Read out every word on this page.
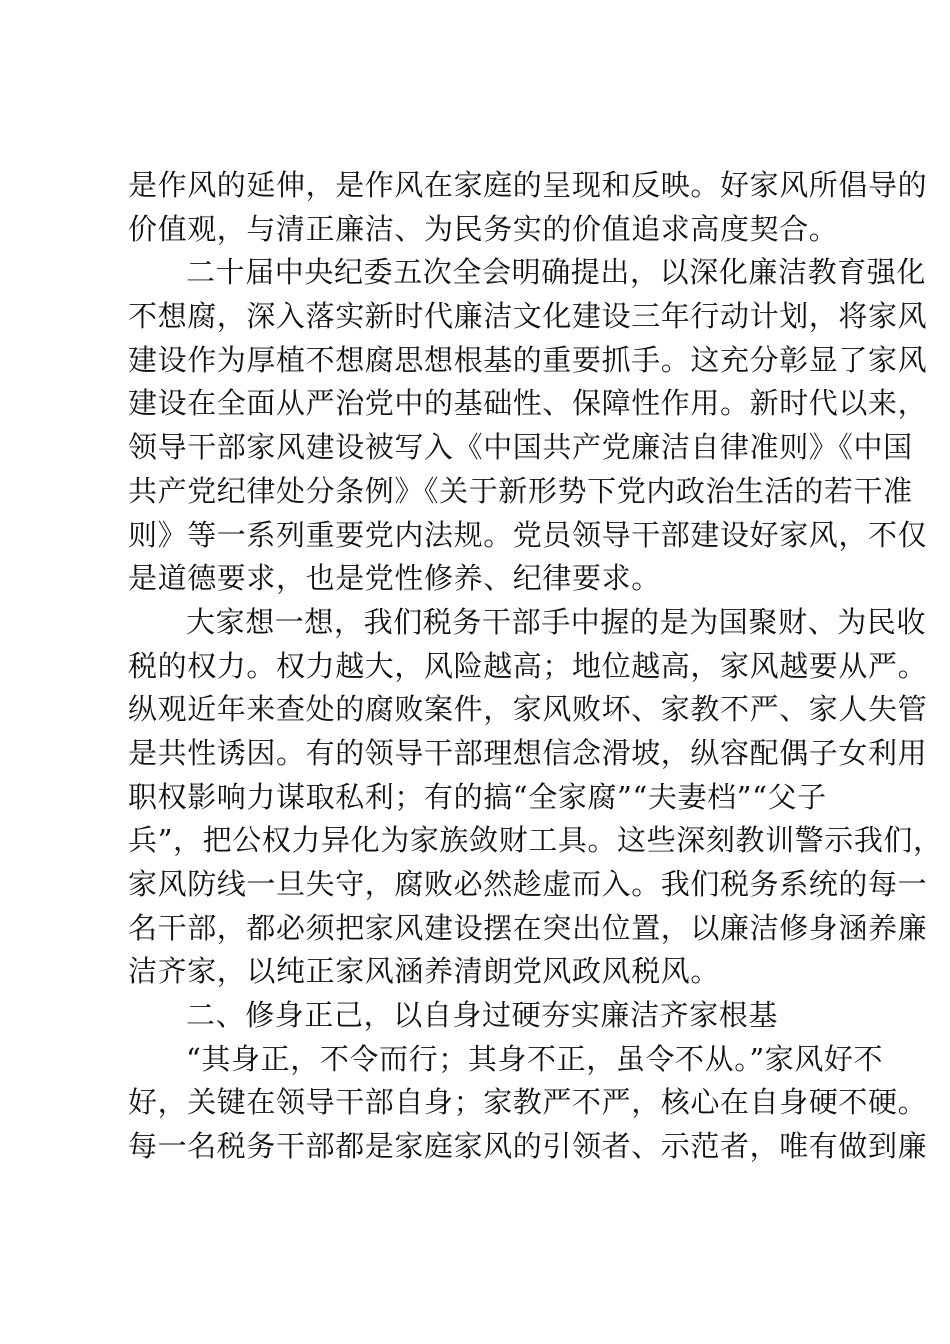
是作风的延伸，是作风在家庭的呈现和反映。好家风所倡导的
价值观，与清正廉洁、为民务实的价值追求高度契合。
二十届中央纪委五次全会明确提出，以深化廉洁教育强化
不想腐，深入落实新时代廉洁文化建设三年行动计划，将家风
建设作为厚植不想腐思想根基的重要抓手。这充分彰显了家风
建设在全面从严治党中的基础性、保障性作用。新时代以来，
领导干部家风建设被写入《中国共产党廉洁自律准则》《中国
共产党纪律处分条例》《关于新形势下党内政治生活的若干准
则》等一系列重要党内法规。党员领导干部建设好家风，不仅
是道德要求，也是党性修养、纪律要求。
大家想一想，我们税务干部手中握的是为国聚财、为民收
税的权力。权力越大，风险越高；地位越高，家风越要从严。
纵观近年来查处的腐败案件，家风败坏、家教不严、家人失管
是共性诱因。有的领导干部理想信念滑坡，纵容配偶子女利用
职权影响力谋取私利；有的搞“全家腐”“夫妻档”“父子
兵”，把公权力异化为家族敛财工具。这些深刻教训警示我们，
家风防线一旦失守，腐败必然趁虚而入。我们税务系统的每一
名干部，都必须把家风建设摆在突出位置，以廉洁修身涵养廉
洁齐家，以纯正家风涵养清朗党风政风税风。
二、修身正己，以自身过硬夯实廉洁齐家根基
“其身正，不令而行；其身不正，虽令不从。”家风好不
好，关键在领导干部自身；家教严不严，核心在自身硬不硬。
每一名税务干部都是家庭家风的引领者、示范者，唯有做到廉
